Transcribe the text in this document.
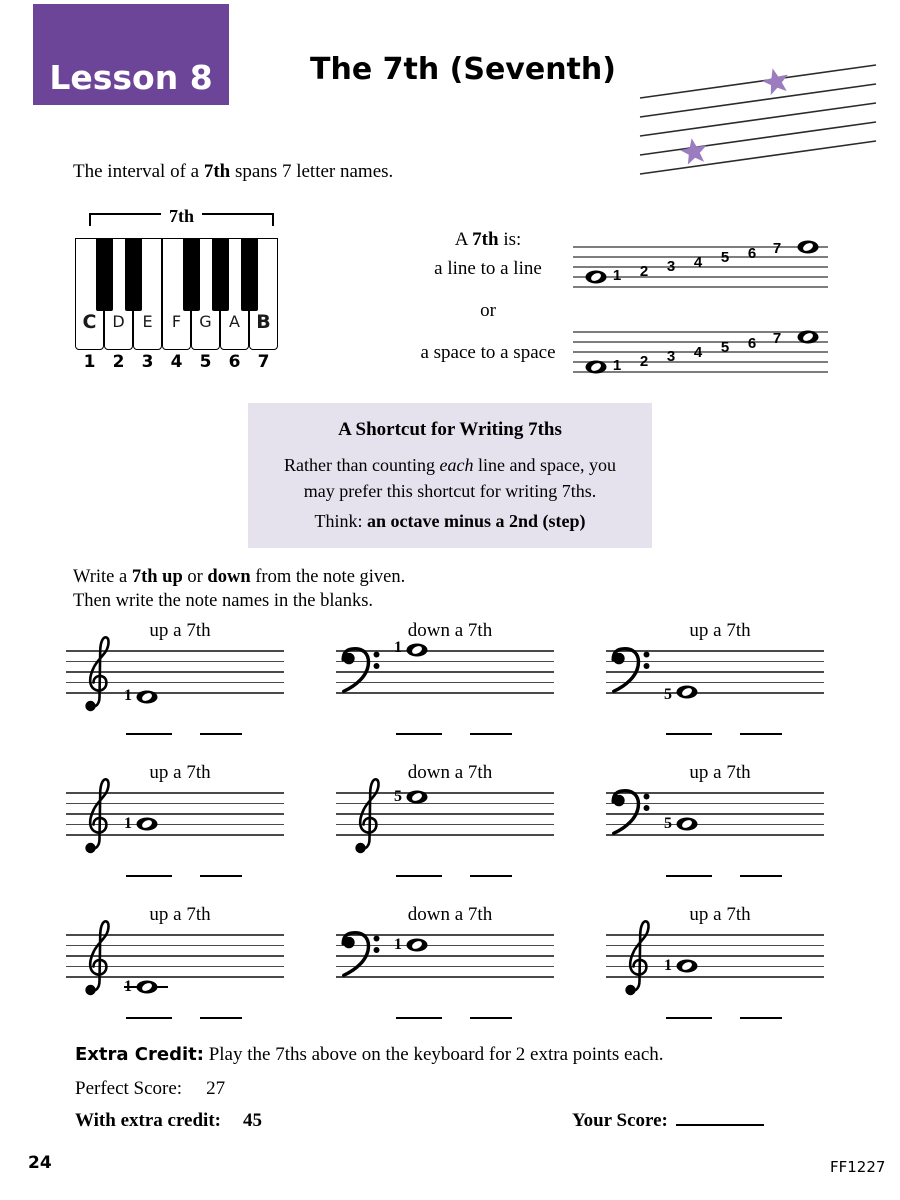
Lesson 8	The 7th (Seventh)
The interval of a 7th spans 7 letter names.
7th
C D	E	F	G	A B
1	2	3	4	5	6	7
A 7th is:
a line to a line
or
a space to a space
1 2 3 4 5 6 7
1 2 3 4 5 6 7
A Shortcut for Writing 7ths
Rather than counting each line and space, you
may prefer this shortcut for writing 7ths.
Think: an octave minus a 2nd (step)
Write a 7th up or down from the note given.
Then write the note names in the blanks.
up a 7th
1
down a 7th
1
up a 7th
5
up a 7th
1
down a 7th
5
up a 7th
5
up a 7th
1
down a 7th
1
up a 7th
1
Extra Credit: Play the 7ths above on the keyboard for 2 extra points each.
Perfect Score: 27
With extra credit: 45	Your Score:
24	FF1227
